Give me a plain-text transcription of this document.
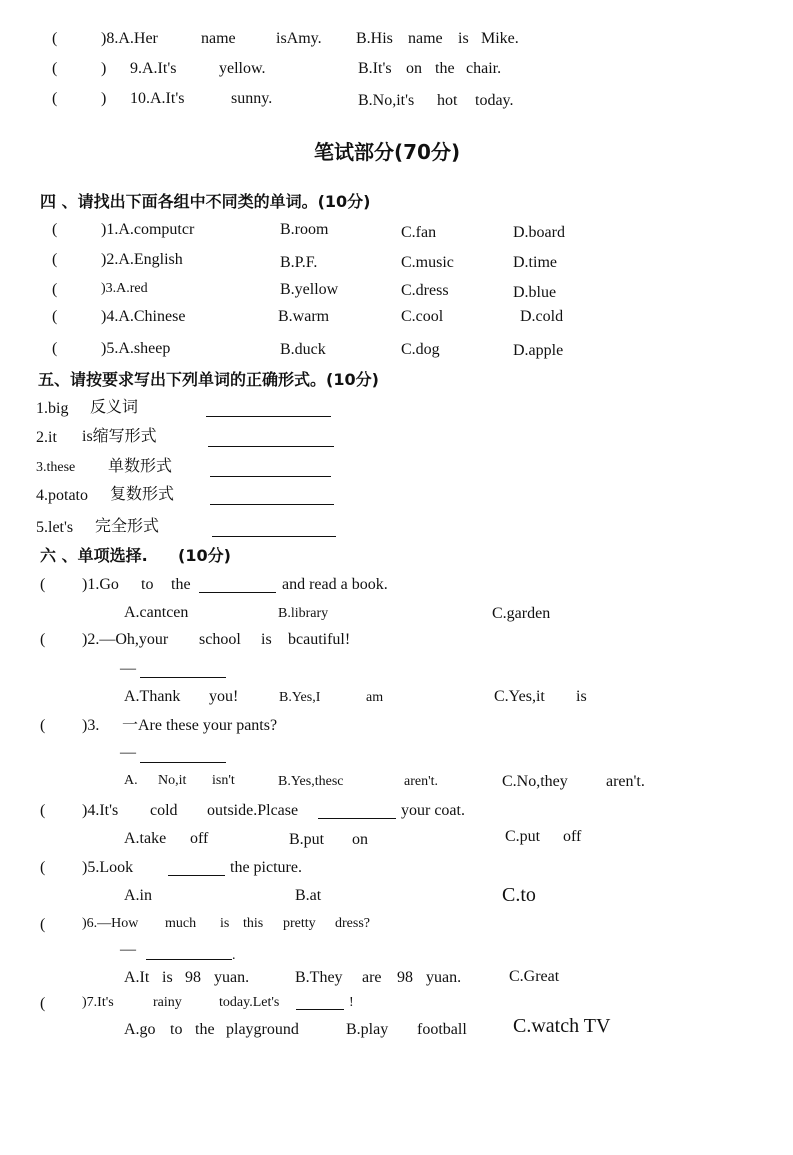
(	)8.A.Her	name	isAmy. B.His name is Mike.
(	) 9.A.It's	yellow.	B.It's on the chair.
(	) 10.A.It's	sunny.	B.No,it's hot today.
笔试部分(70分)
四 、请找出下面各组中不同类的单词。(10分)
(	)1.A.computcr	B.room	C.fan	D.board
(	)2.A.English	B.P.F.	C.music	D.time
(	)3.A.red	B.yellow	C.dress	D.blue
(	)4.A.Chinese	B.warm	C.cool	D.cold
(	)5.A.sheep	B.duck	C.dog	D.apple
五、请按要求写出下列单词的正确形式。(10分)
1.big 反义词
2.it is缩写形式
3.these 单数形式
4.potato 复数形式
5.let's 完全形式
六 、单项选择. (10分)
( )1.Go to the	and read a book.
A.cantcen	B.library	C.garden
( )2.—Oh,your school is bcautiful!
—
A.Thank you!	B.Yes,I	am	C.Yes,it is
( )3. 一Are these your pants?
—
A. No,it isn't	B.Yes,thesc	aren't.	C.No,they aren't.
( )4.It's cold outside.Plcase	your coat.
A.take off	B.put on	C.put off
( )5.Look	the picture.
A.in	B.at	C.to
(	)6.—How much is this pretty dress?
—	.
A.It is 98 yuan.	B.They are 98 yuan.	C.Great
(	)7.It's	rainy	today.Let's	!
A.go to the playground	B.play football C.watch TV
